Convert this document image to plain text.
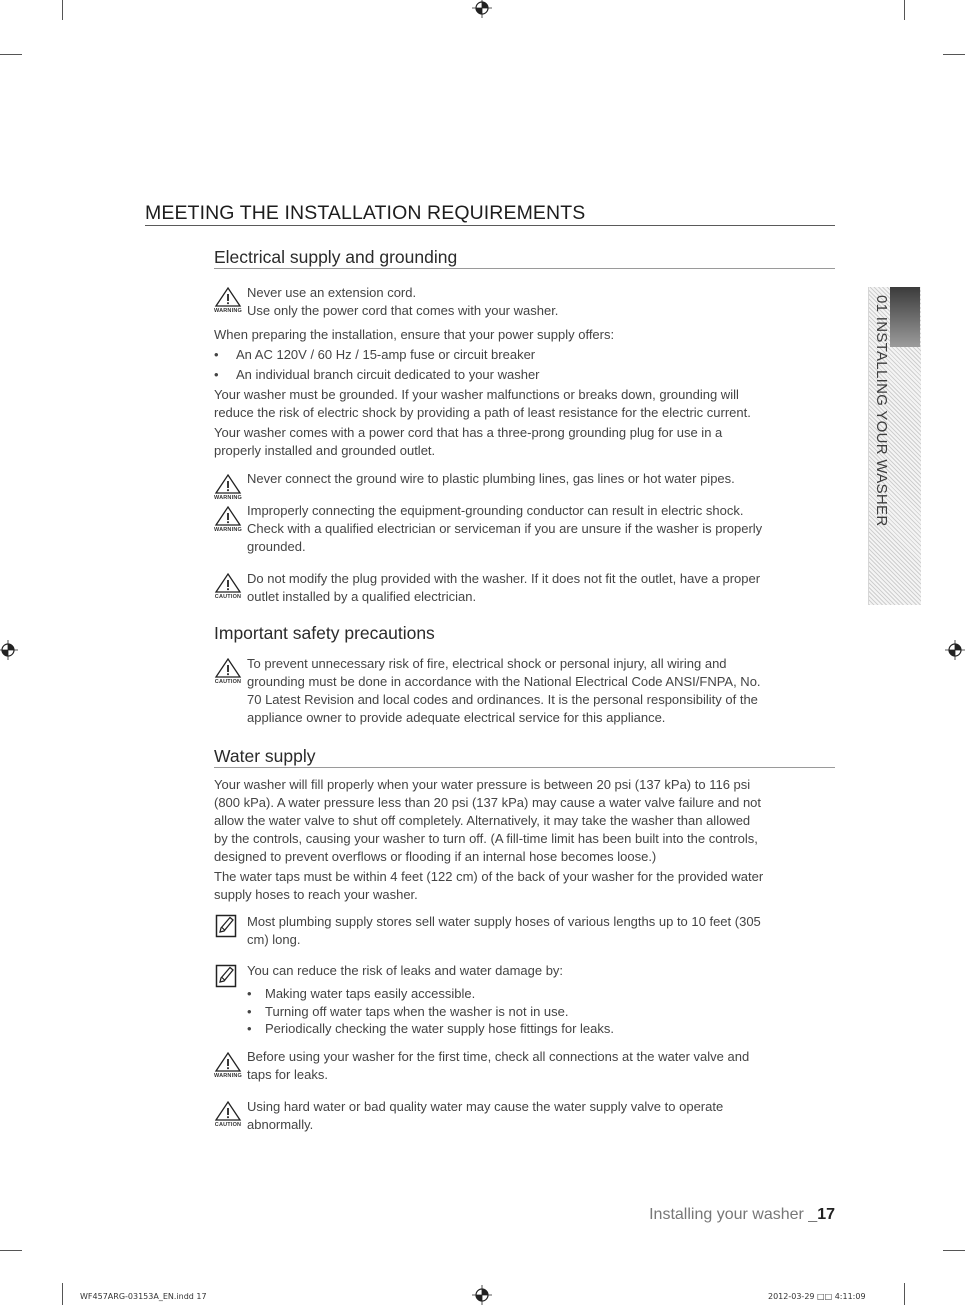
01 INSTALLING YOUR WASHER
MEETING THE INSTALLATION REQUIREMENTS
Electrical supply and grounding
WARNING
Never use an extension cord.
Use only the power cord that comes with your washer.
When preparing the installation, ensure that your power supply offers:
• An AC 120V / 60 Hz / 15-amp fuse or circuit breaker
• An individual branch circuit dedicated to your washer
Your washer must be grounded. If your washer malfunctions or breaks down, grounding will
reduce the risk of electric shock by providing a path of least resistance for the electric current.
Your washer comes with a power cord that has a three-prong grounding plug for use in a
properly installed and grounded outlet.
WARNING
Never connect the ground wire to plastic plumbing lines, gas lines or hot water pipes.
WARNING
Improperly connecting the equipment-grounding conductor can result in electric shock.
Check with a qualified electrician or serviceman if you are unsure if the washer is properly
grounded.
CAUTION
Do not modify the plug provided with the washer. If it does not fit the outlet, have a proper
outlet installed by a qualified electrician.
Important safety precautions
CAUTION
To prevent unnecessary risk of fire, electrical shock or personal injury, all wiring and
grounding must be done in accordance with the National Electrical Code ANSI/FNPA, No.
70 Latest Revision and local codes and ordinances. It is the personal responsibility of the
appliance owner to provide adequate electrical service for this appliance.
Water supply
Your washer will fill properly when your water pressure is between 20 psi (137 kPa) to 116 psi
(800 kPa). A water pressure less than 20 psi (137 kPa) may cause a water valve failure and not
allow the water valve to shut off completely. Alternatively, it may take the washer than allowed
by the controls, causing your washer to turn off. (A fill-time limit has been built into the controls,
designed to prevent overflows or flooding if an internal hose becomes loose.)
The water taps must be within 4 feet (122 cm) of the back of your washer for the provided water
supply hoses to reach your washer.
Most plumbing supply stores sell water supply hoses of various lengths up to 10 feet (305
cm) long.
You can reduce the risk of leaks and water damage by:
• Making water taps easily accessible.
• Turning off water taps when the washer is not in use.
• Periodically checking the water supply hose fittings for leaks.
WARNING
Before using your washer for the first time, check all connections at the water valve and
taps for leaks.
CAUTION
Using hard water or bad quality water may cause the water supply valve to operate
abnormally.
Installing your washer _17
WF457ARG-03153A_EN.indd 17	2012-03-29 □□ 4:11:09
